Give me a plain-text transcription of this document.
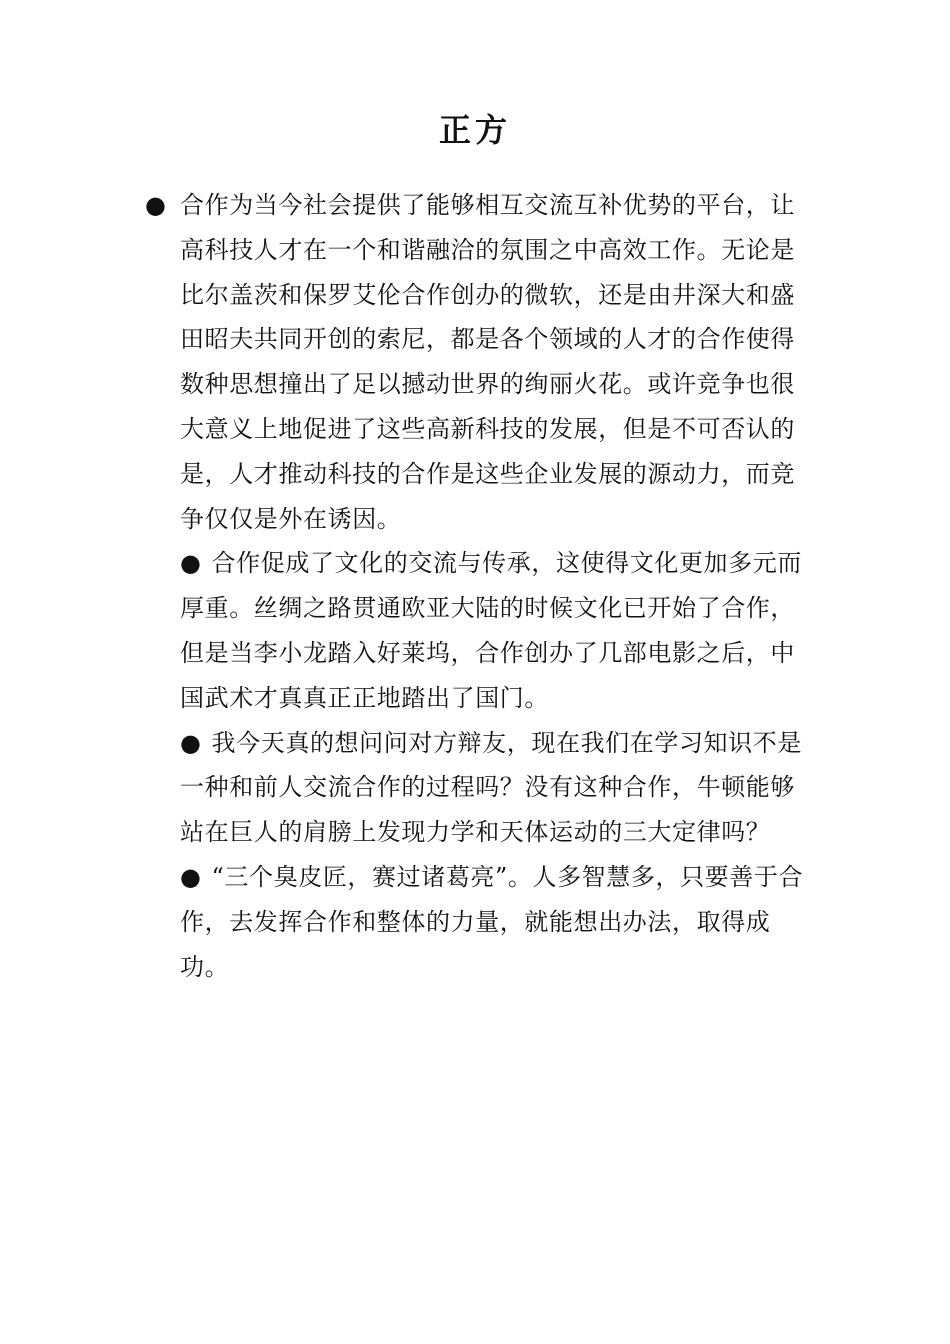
正方

● 合作为当今社会提供了能够相互交流互补优势的平台，让高科技人才在一个和谐融洽的氛围之中高效工作。无论是比尔盖茨和保罗艾伦合作创办的微软，还是由井深大和盛田昭夫共同开创的索尼，都是各个领域的人才的合作使得数种思想撞出了足以撼动世界的绚丽火花。或许竞争也很大意义上地促进了这些高新科技的发展，但是不可否认的是，人才推动科技的合作是这些企业发展的源动力，而竞争仅仅是外在诱因。

● 合作促成了文化的交流与传承，这使得文化更加多元而厚重。丝绸之路贯通欧亚大陆的时候文化已开始了合作，但是当李小龙踏入好莱坞，合作创办了几部电影之后，中国武术才真真正正地踏出了国门。

● 我今天真的想问问对方辩友，现在我们在学习知识不是一种和前人交流合作的过程吗？没有这种合作，牛顿能够站在巨人的肩膀上发现力学和天体运动的三大定律吗？

● “三个臭皮匠，赛过诸葛亮”。人多智慧多，只要善于合作，去发挥合作和整体的力量，就能想出办法，取得成功。
